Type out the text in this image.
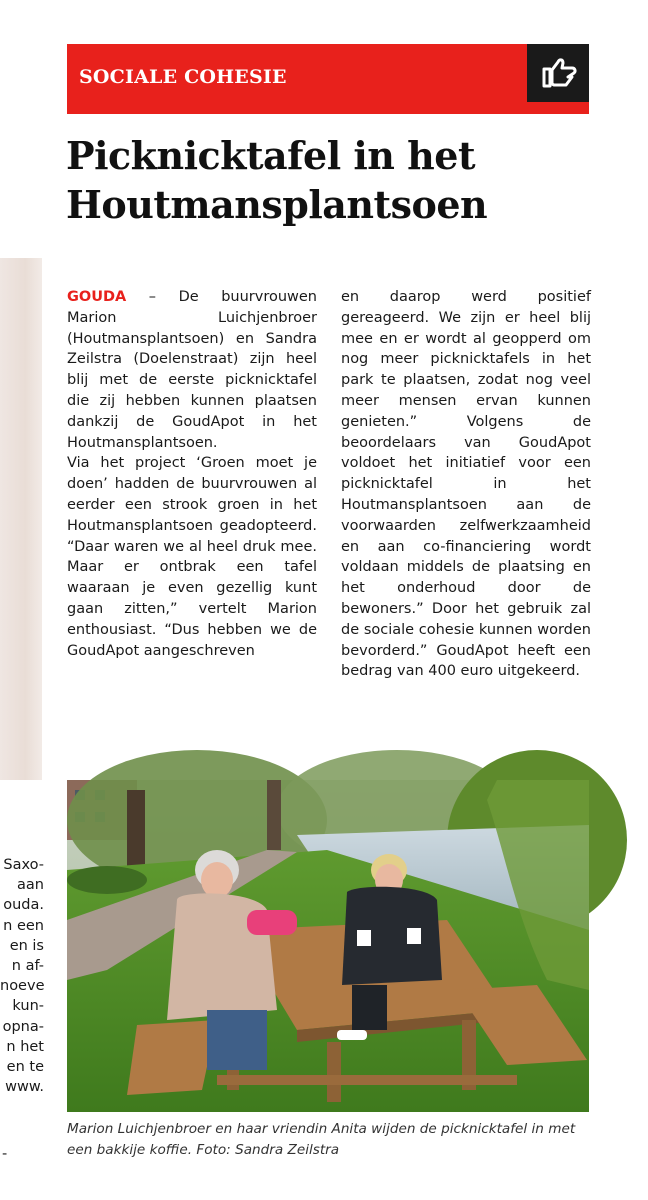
Saxo-
aan
ouda.
n een
en is
n af-
noeve
kun-
opna-
n het
en te
www.
-
SOCIALE COHESIE
Picknicktafel in het
Houtmansplantsoen

GOUDA – De buurvrouwen Marion Luichjenbroer (Houtmansplantsoen) en Sandra Zeilstra (Doelenstraat) zijn heel blij met de eerste picknicktafel die zij hebben kunnen plaatsen dankzij de GoudApot in het Houtmansplantsoen.

Via het project ‘Groen moet je doen’ hadden de buurvrouwen al eerder een strook groen in het Houtmansplantsoen geadopteerd. “Daar waren we al heel druk mee. Maar er ontbrak een tafel waaraan je even gezellig kunt gaan zitten,” vertelt Marion enthousiast. “Dus hebben we de GoudApot aangeschreven

en daarop werd positief gereageerd. We zijn er heel blij mee en er wordt al geopperd om nog meer picknicktafels in het park te plaatsen, zodat nog veel meer mensen ervan kunnen genieten.” Volgens de beoordelaars van GoudApot voldoet het initiatief voor een picknicktafel in het Houtmansplantsoen aan de voorwaarden zelfwerkzaamheid en aan co-financiering wordt voldaan middels de plaatsing en het onderhoud door de bewoners.” Door het gebruik zal de sociale cohesie kunnen worden bevorderd.” GoudApot heeft een bedrag van 400 euro uitgekeerd.

Marion Luichjenbroer en haar vriendin Anita wijden de picknicktafel in met een bakkije koffie. Foto: Sandra Zeilstra
